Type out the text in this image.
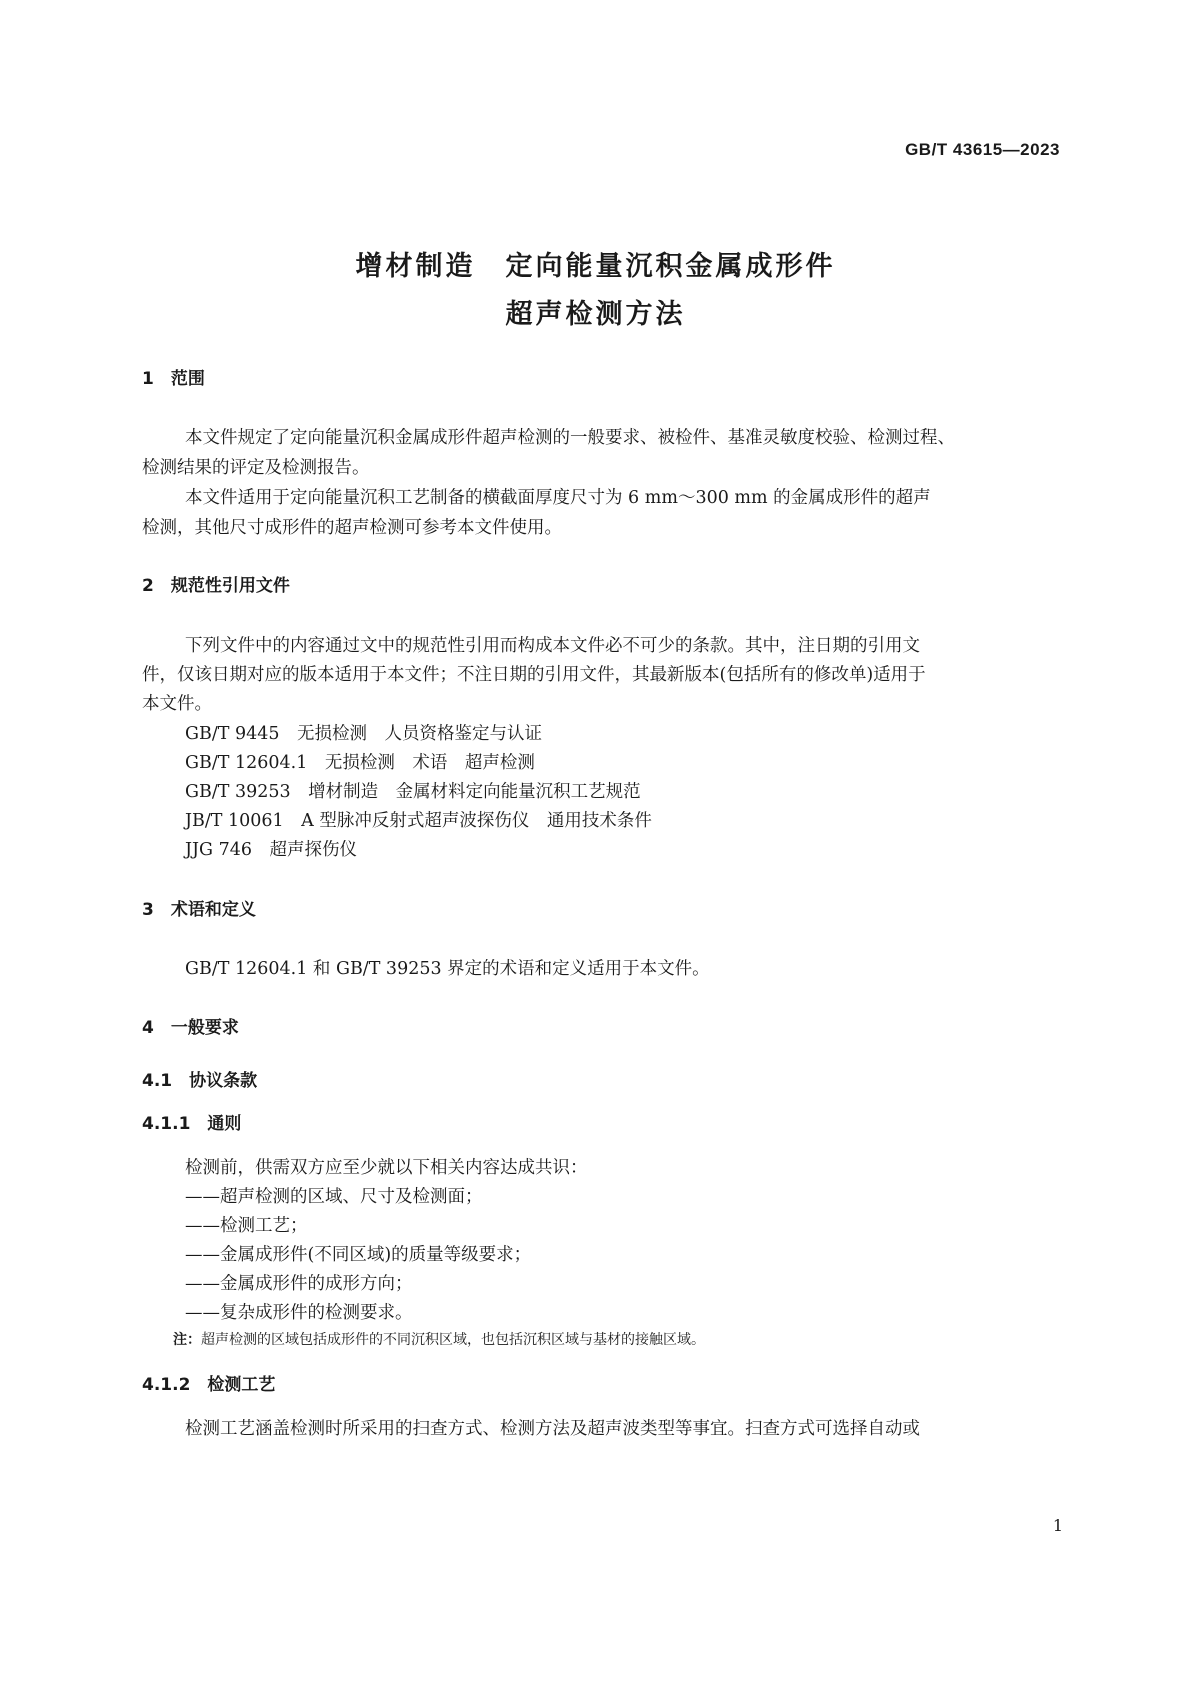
GB/T 43615—2023
增材制造　定向能量沉积金属成形件
超声检测方法
1　范围
本文件规定了定向能量沉积金属成形件超声检测的一般要求、被检件、基准灵敏度校验、检测过程、
检测结果的评定及检测报告。
本文件适用于定向能量沉积工艺制备的横截面厚度尺寸为 6 mm～300 mm 的金属成形件的超声
检测，其他尺寸成形件的超声检测可参考本文件使用。
2　规范性引用文件
下列文件中的内容通过文中的规范性引用而构成本文件必不可少的条款。其中，注日期的引用文
件，仅该日期对应的版本适用于本文件；不注日期的引用文件，其最新版本(包括所有的修改单)适用于
本文件。
GB/T 9445　无损检测　人员资格鉴定与认证
GB/T 12604.1　无损检测　术语　超声检测
GB/T 39253　增材制造　金属材料定向能量沉积工艺规范
JB/T 10061　A 型脉冲反射式超声波探伤仪　通用技术条件
JJG 746　超声探伤仪
3　术语和定义
GB/T 12604.1 和 GB/T 39253 界定的术语和定义适用于本文件。
4　一般要求
4.1　协议条款
4.1.1　通则
检测前，供需双方应至少就以下相关内容达成共识：
——超声检测的区域、尺寸及检测面；
——检测工艺；
——金属成形件(不同区域)的质量等级要求；
——金属成形件的成形方向；
——复杂成形件的检测要求。
注：超声检测的区域包括成形件的不同沉积区域，也包括沉积区域与基材的接触区域。
4.1.2　检测工艺
检测工艺涵盖检测时所采用的扫查方式、检测方法及超声波类型等事宜。扫查方式可选择自动或
1
